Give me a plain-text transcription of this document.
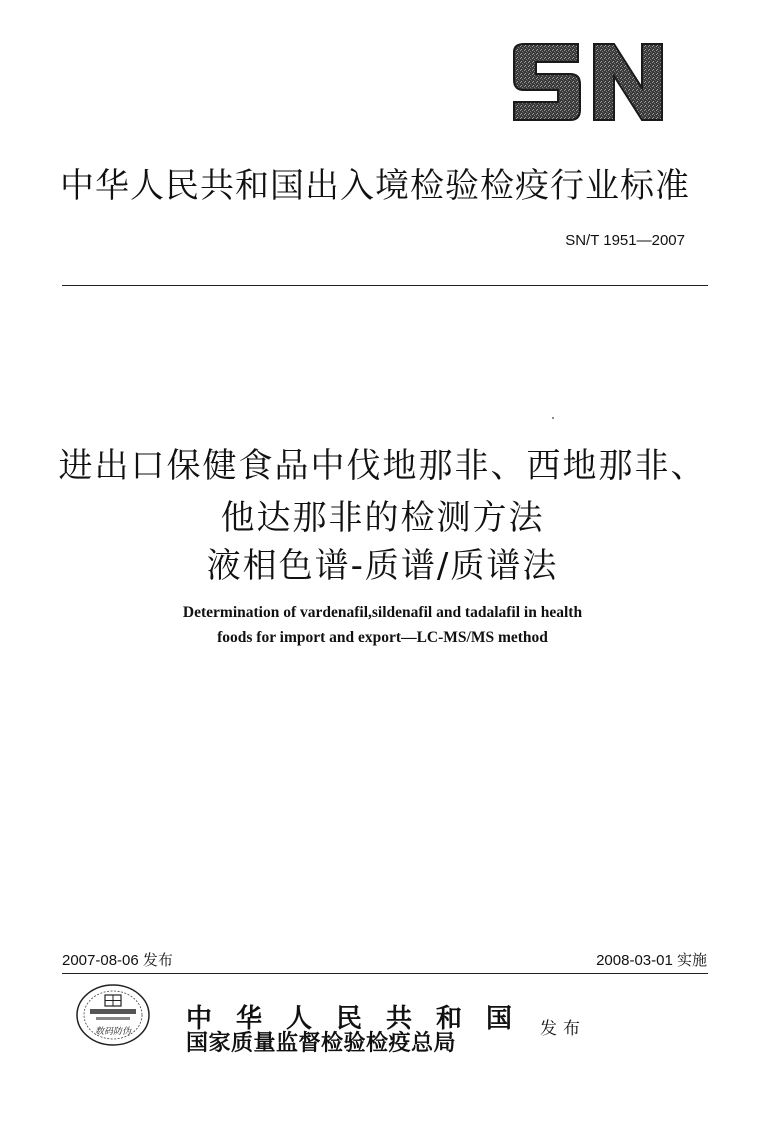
中华人民共和国出入境检验检疫行业标准
SN/T 1951—2007
进出口保健食品中伐地那非、西地那非、
他达那非的检测方法
液相色谱-质谱/质谱法
Determination of vardenafil,sildenafil and tadalafil in health
foods for import and export—LC-MS/MS method
2007-08-06 发布	2008-03-01 实施
数码防伪 中华人民共和国
国家质量监督检验检疫总局
发布
